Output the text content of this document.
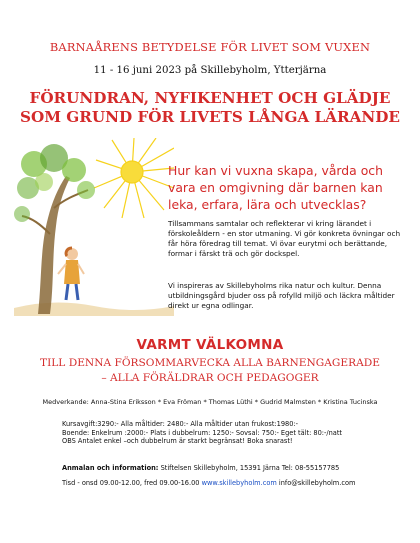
BARNAÅRENS BETYDELSE FÖR LIVET SOM VUXEN
11 - 16 juni 2023 på Skillebyholm, Ytterjärna
FÖRUNDRAN, NYFIKENHET OCH GLÄDJE
SOM GRUND FÖR LIVETS LÅNGA LÄRANDE
Hur kan vi vuxna skapa, vårda och vara en omgivning där barnen kan leka, erfara, lära och utvecklas?
Tillsammans samtalar och reflekterar vi kring lärandet i förskoleåldern - en stor utmaning. Vi gör konkreta övningar och får höra föredrag till temat. Vi övar eurytmi och berättande, formar i färskt trä och gör dockspel.
Vi inspireras av Skillebyholms rika natur och kultur. Denna utbildningsgård bjuder oss på rofylld miljö och läckra måltider direkt ur egna odlingar.
VARMT VÄLKOMNA
TILL DENNA FÖRSOMMARVECKA ALLA BARNENGAGERADE
– ALLA FÖRÄLDRAR OCH PEDAGOGER
Medverkande: Anna-Stina Eriksson * Eva Fröman * Thomas Lüthi * Gudrid Malmsten * Kristina Tucinska
Kursavgift:3290:- Alla måltider: 2480:- Alla måltider utan frukost:1980:-
Boende: Enkelrum :2000:- Plats i dubbelrum: 1250:- Sovsal: 750:- Eget tält: 80:-/natt
OBS Antalet enkel –och dubbelrum är starkt begränsat! Boka snarast!
Anmalan och information: Stiftelsen Skillebyholm, 15391 Järna Tel: 08-55157785
Tisd - onsd 09.00-12.00, fred 09.00-16.00 www.skillebyholm.com info@skillebyholm.com
